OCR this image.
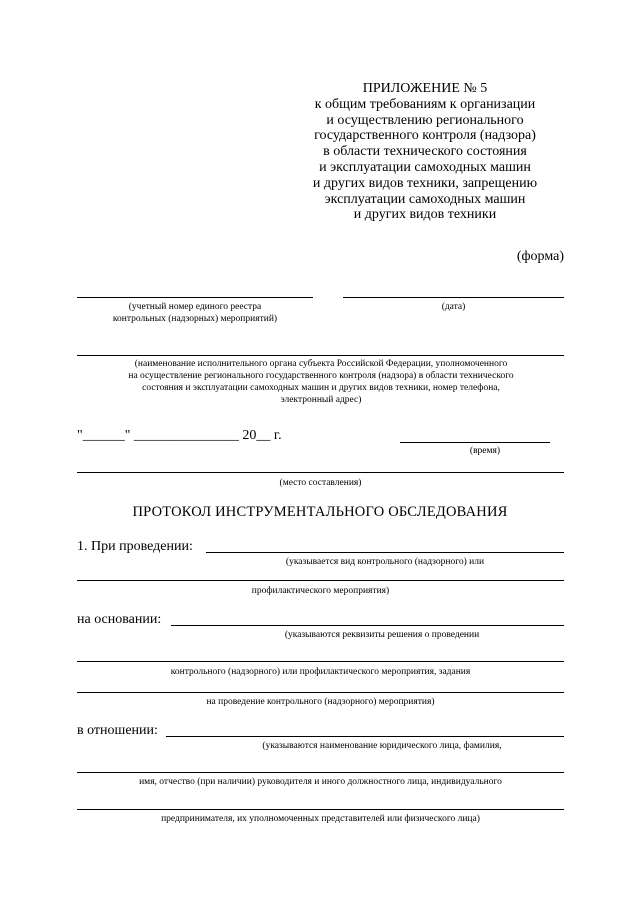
ПРИЛОЖЕНИЕ № 5
к общим требованиям к организации
и осуществлению регионального
государственного контроля (надзора)
в области технического состояния
и эксплуатации самоходных машин
и других видов техники, запрещению
эксплуатации самоходных машин
и других видов техники
(форма)
(учетный номер единого реестра
контрольных (надзорных) мероприятий)
(дата)
(наименование исполнительного органа субъекта Российской Федерации, уполномоченного
на осуществление регионального государственного контроля (надзора) в области технического
состояния и эксплуатации самоходных машин и других видов техники, номер телефона,
электронный адрес)
"______" _______________ 20__ г.
(время)
(место составления)
ПРОТОКОЛ ИНСТРУМЕНТАЛЬНОГО ОБСЛЕДОВАНИЯ
1. При проведении:
(указывается вид контрольного (надзорного) или
профилактического мероприятия)
на основании:
(указываются реквизиты решения о проведении
контрольного (надзорного) или профилактического мероприятия, задания
на проведение контрольного (надзорного) мероприятия)
в отношении:
(указываются наименование юридического лица, фамилия,
имя, отчество (при наличии) руководителя и иного должностного лица, индивидуального
предпринимателя, их уполномоченных представителей или физического лица)
